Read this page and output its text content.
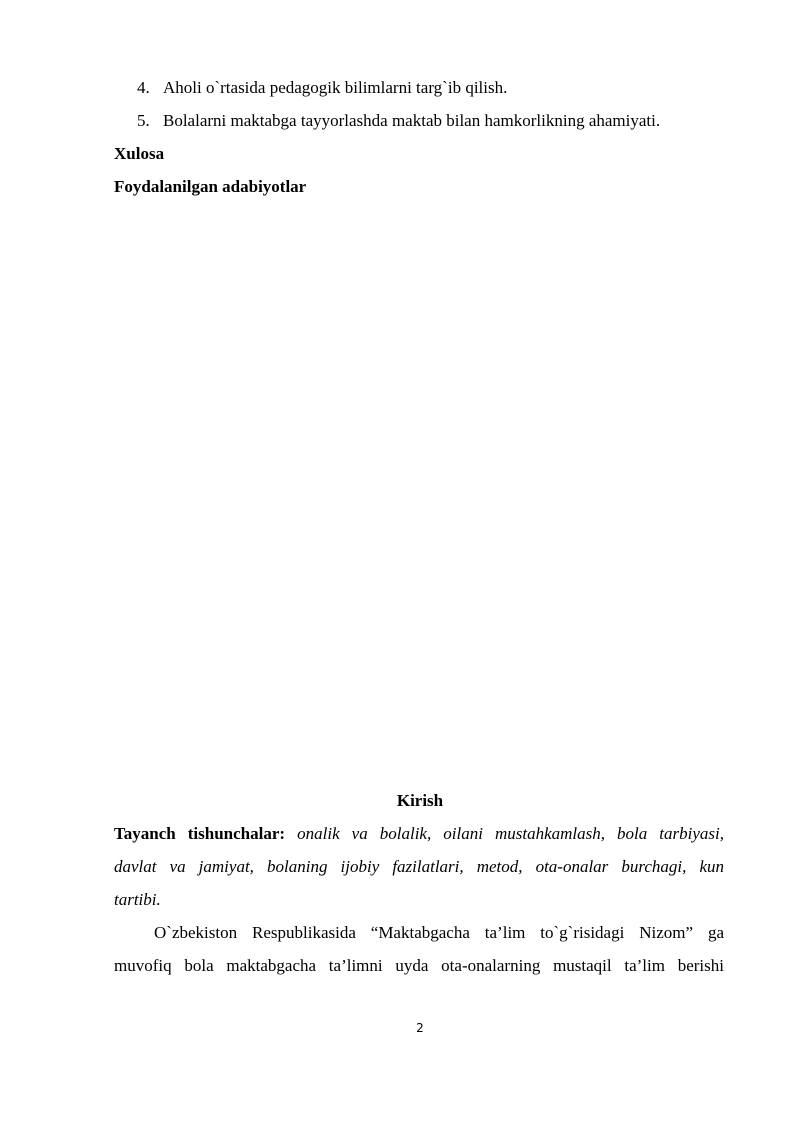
4. Aholi o`rtasida pedagogik bilimlarni targ`ib qilish.
5. Bolalarni maktabga tayyorlashda maktab bilan hamkorlikning ahamiyati.
Xulosa
Foydalanilgan adabiyotlar
Kirish
Tayanch tishunchalar: onalik va bolalik, oilani mustahkamlash, bola tarbiyasi,
davlat va jamiyat, bolaning ijobiy fazilatlari, metod, ota-onalar burchagi, kun
tartibi.
O`zbekiston Respublikasida “Maktabgacha ta’lim to`g`risidagi Nizom” ga
muvofiq bola maktabgacha ta’limni uyda ota-onalarning mustaqil ta’lim berishi
2
